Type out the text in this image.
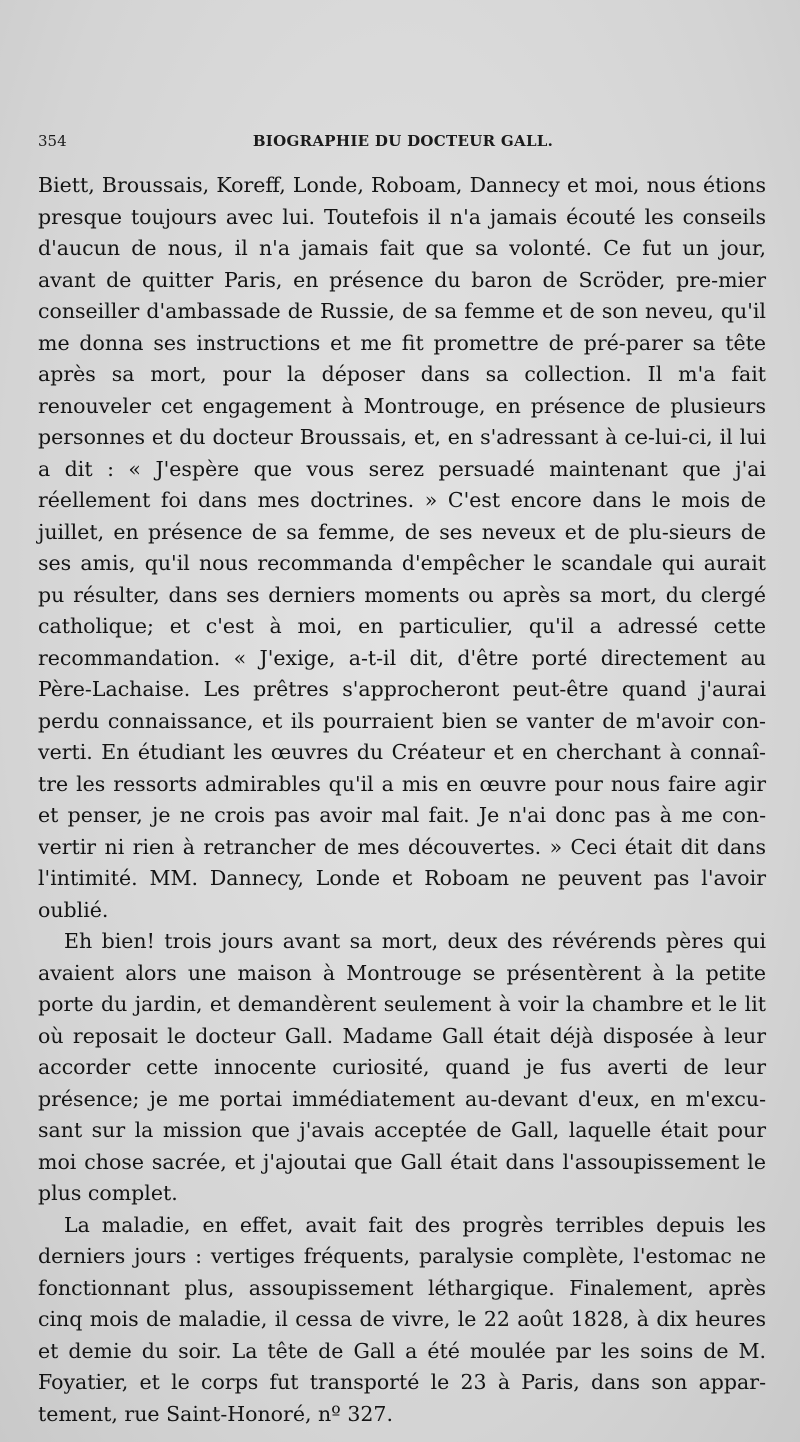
354	BIOGRAPHIE DU DOCTEUR GALL.

Biett, Broussais, Koreff, Londe, Roboam, Dannecy et moi, nous étions presque toujours avec lui. Toutefois il n'a jamais écouté les conseils d'aucun de nous, il n'a jamais fait que sa volonté. Ce fut un jour, avant de quitter Paris, en présence du baron de Scröder, pre-mier conseiller d'ambassade de Russie, de sa femme et de son neveu, qu'il me donna ses instructions et me fit promettre de pré-parer sa tête après sa mort, pour la déposer dans sa collection. Il m'a fait renouveler cet engagement à Montrouge, en présence de plusieurs personnes et du docteur Broussais, et, en s'adressant à ce-lui-ci, il lui a dit : « J'espère que vous serez persuadé maintenant que j'ai réellement foi dans mes doctrines. » C'est encore dans le mois de juillet, en présence de sa femme, de ses neveux et de plu-sieurs de ses amis, qu'il nous recommanda d'empêcher le scandale qui aurait pu résulter, dans ses derniers moments ou après sa mort, du clergé catholique; et c'est à moi, en particulier, qu'il a adressé cette recommandation. « J'exige, a-t-il dit, d'être porté directement au Père-Lachaise. Les prêtres s'approcheront peut-être quand j'aurai perdu connaissance, et ils pourraient bien se vanter de m'avoir con-verti. En étudiant les œuvres du Créateur et en cherchant à connaî-tre les ressorts admirables qu'il a mis en œuvre pour nous faire agir et penser, je ne crois pas avoir mal fait. Je n'ai donc pas à me con-vertir ni rien à retrancher de mes découvertes. » Ceci était dit dans l'intimité. MM. Dannecy, Londe et Roboam ne peuvent pas l'avoir oublié.

Eh bien! trois jours avant sa mort, deux des révérends pères qui avaient alors une maison à Montrouge se présentèrent à la petite porte du jardin, et demandèrent seulement à voir la chambre et le lit où reposait le docteur Gall. Madame Gall était déjà disposée à leur accorder cette innocente curiosité, quand je fus averti de leur présence; je me portai immédiatement au-devant d'eux, en m'excu-sant sur la mission que j'avais acceptée de Gall, laquelle était pour moi chose sacrée, et j'ajoutai que Gall était dans l'assoupissement le plus complet.

La maladie, en effet, avait fait des progrès terribles depuis les derniers jours : vertiges fréquents, paralysie complète, l'estomac ne fonctionnant plus, assoupissement léthargique. Finalement, après cinq mois de maladie, il cessa de vivre, le 22 août 1828, à dix heures et demie du soir. La tête de Gall a été moulée par les soins de M. Foyatier, et le corps fut transporté le 23 à Paris, dans son appar-tement, rue Saint-Honoré, nº 327.
